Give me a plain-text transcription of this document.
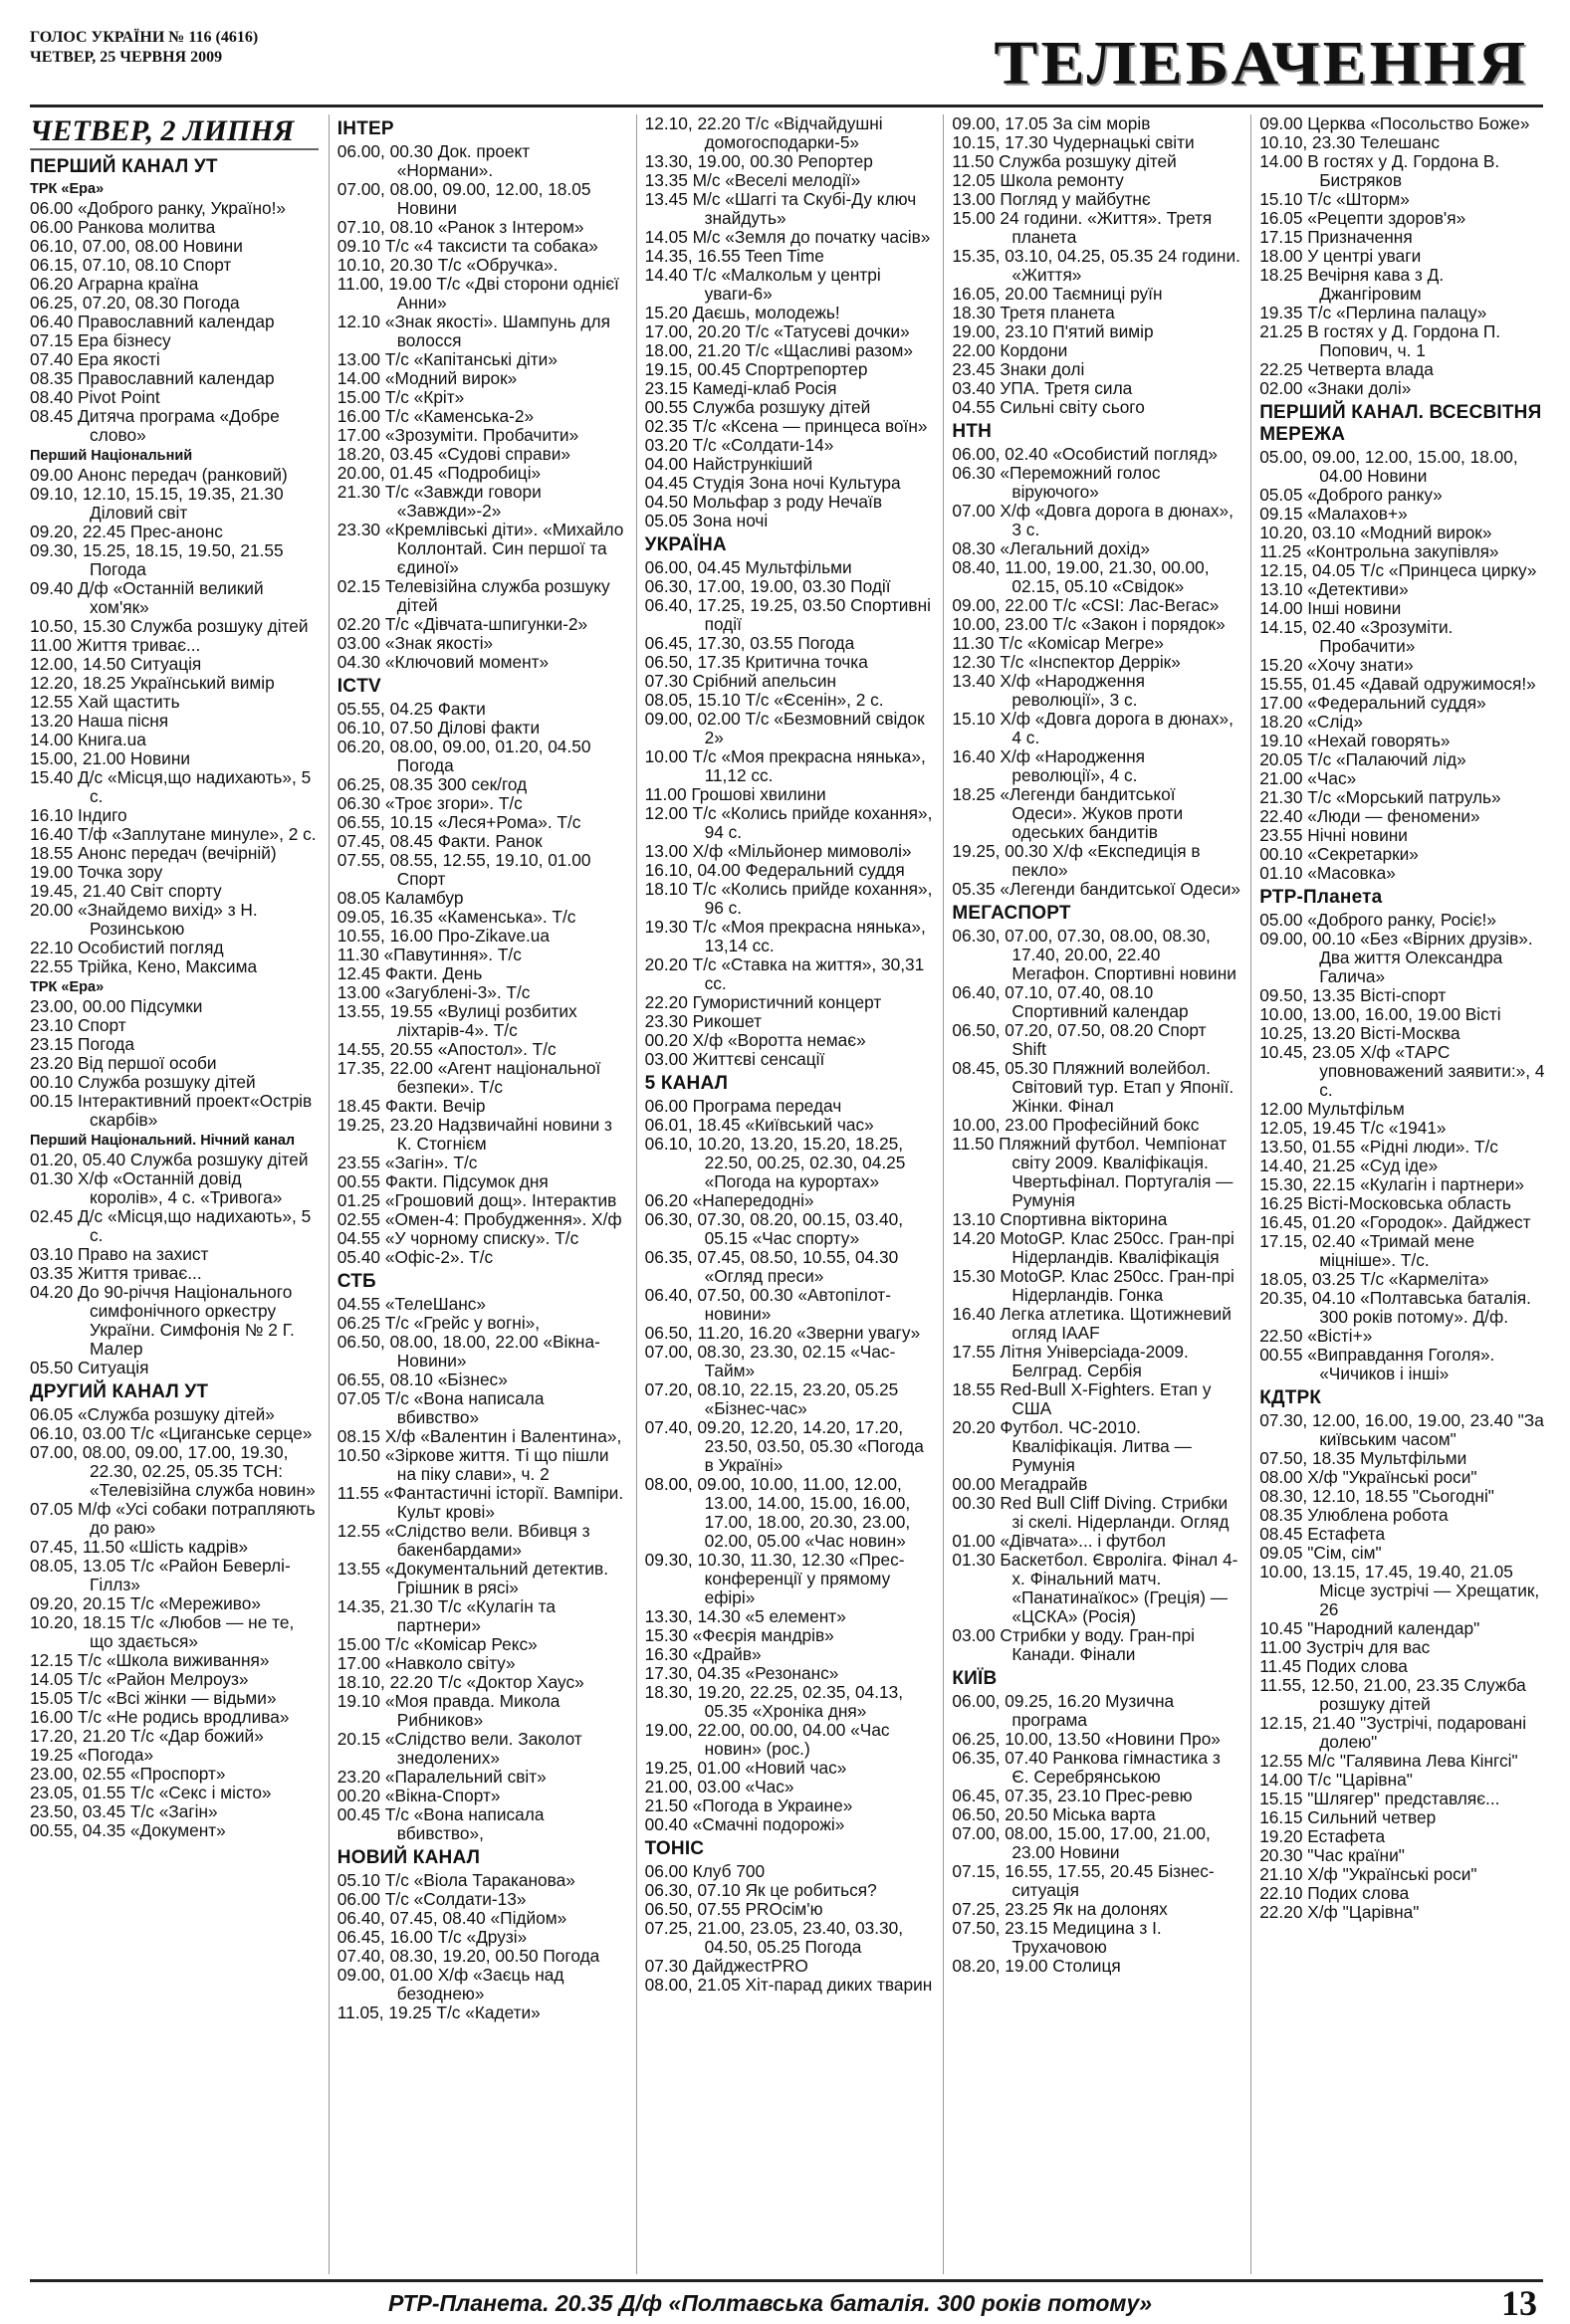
ГОЛОС УКРАЇНИ № 116 (4616)
ЧЕТВЕР, 25 ЧЕРВНЯ 2009	ТЕЛЕБАЧЕННЯ
ЧЕТВЕР, 2 ЛИПНЯ
ПЕРШИЙ КАНАЛ УТ
ТРК «Ера»
06.00 «Доброго ранку, Україно!»
06.00 Ранкова молитва
06.10, 07.00, 08.00 Новини
06.15, 07.10, 08.10 Спорт
06.20 Аграрна країна
06.25, 07.20, 08.30 Погода
06.40 Православний календар
07.15 Ера бізнесу
07.40 Ера якості
08.35 Православний календар
08.40 Pivot Point
08.45 Дитяча програма «Добре слово»
Перший Національний
09.00 Анонс передач (ранковий)
09.10, 12.10, 15.15, 19.35, 21.30 Діловий світ
09.20, 22.45 Прес-анонс
09.30, 15.25, 18.15, 19.50, 21.55 Погода
09.40 Д/ф «Останній великий хом'як»
10.50, 15.30 Служба розшуку дітей
11.00 Життя триває...
12.00, 14.50 Ситуація
12.20, 18.25 Український вимір
12.55 Хай щастить
13.20 Наша пісня
14.00 Книга.ua
15.00, 21.00 Новини
15.40 Д/с «Місця,що надихають», 5 с.
16.10 Індиго
16.40 Т/ф «Заплутане минуле», 2 с.
18.55 Анонс передач (вечірній)
19.00 Точка зору
19.45, 21.40 Світ спорту
20.00 «Знайдемо вихід» з Н. Розинською
22.10 Особистий погляд
22.55 Трійка, Кено, Максима
ТРК «Ера»
23.00, 00.00 Підсумки
23.10 Спорт
23.15 Погода
23.20 Від першої особи
00.10 Служба розшуку дітей
00.15 Інтерактивний проект«Острів скарбів»
Перший Національний. Нічний канал
01.20, 05.40 Служба розшуку дітей
01.30 Х/ф «Останній довід королів», 4 с. «Тривога»
02.45 Д/с «Місця,що надихають», 5 с.
03.10 Право на захист
03.35 Життя триває...
04.20 До 90-річчя Національного симфонічного оркестру України. Симфонія № 2 Г. Малер
05.50 Ситуація
ДРУГИЙ КАНАЛ УТ
06.05 «Служба розшуку дітей»
06.10, 03.00 Т/с «Циганське серце»
07.00, 08.00, 09.00, 17.00, 19.30, 22.30, 02.25, 05.35 ТСН: «Телевізійна служба новин»
07.05 М/ф «Усі собаки потрапляють до раю»
07.45, 11.50 «Шість кадрів»
08.05, 13.05 Т/с «Район Беверлі-Гіллз»
09.20, 20.15 Т/с «Мереживо»
10.20, 18.15 Т/с «Любов — не те, що здається»
12.15 Т/с «Школа виживання»
14.05 Т/с «Район Мелроуз»
15.05 Т/с «Всі жінки — відьми»
16.00 Т/с «Не родись вродлива»
17.20, 21.20 Т/с «Дар божий»
19.25 «Погода»
23.00, 02.55 «Проспорт»
23.05, 01.55 Т/с «Секс і місто»
23.50, 03.45 Т/с «Загін»
00.55, 04.35 «Документ»
ІНТЕР
06.00, 00.30 Док. проект «Нормани».
07.00, 08.00, 09.00, 12.00, 18.05 Новини
07.10, 08.10 «Ранок з Інтером»
09.10 Т/с «4 таксисти та собака»
10.10, 20.30 Т/с «Обручка».
11.00, 19.00 Т/с «Дві сторони однієї Анни»
12.10 «Знак якості». Шампунь для волосся
13.00 Т/с «Капітанські діти»
14.00 «Модний вирок»
15.00 Т/с «Кріт»
16.00 Т/с «Каменська-2»
17.00 «Зрозуміти. Пробачити»
18.20, 03.45 «Судові справи»
20.00, 01.45 «Подробиці»
21.30 Т/с «Завжди говори «Завжди»-2»
23.30 «Кремлівські діти». «Михайло Коллонтай. Син першої та єдиної»
02.15 Телевізійна служба розшуку дітей
02.20 Т/с «Дівчата-шпигунки-2»
03.00 «Знак якості»
04.30 «Ключовий момент»
ICTV
05.55, 04.25 Факти
06.10, 07.50 Ділові факти
06.20, 08.00, 09.00, 01.20, 04.50 Погода
06.25, 08.35 300 сек/год
06.30 «Троє згори». Т/с
06.55, 10.15 «Леся+Рома». Т/с
07.45, 08.45 Факти. Ранок
07.55, 08.55, 12.55, 19.10, 01.00 Спорт
08.05 Каламбур
09.05, 16.35 «Каменська». Т/с
10.55, 16.00 Про-Zikave.ua
11.30 «Павутиння». Т/с
12.45 Факти. День
13.00 «Загублені-3». Т/с
13.55, 19.55 «Вулиці розбитих ліхтарів-4». Т/с
14.55, 20.55 «Апостол». Т/с
17.35, 22.00 «Агент національної безпеки». Т/с
18.45 Факти. Вечір
19.25, 23.20 Надзвичайні новини з К. Стогнієм
23.55 «Загін». Т/с
00.55 Факти. Підсумок дня
01.25 «Грошовий дощ». Інтерактив
02.55 «Омен-4: Пробудження». Х/ф
04.55 «У чорному списку». Т/с
05.40 «Офіс-2». Т/с
СТБ
04.55 «ТелеШанс»
06.25 Т/с «Грейс у вогні»,
06.50, 08.00, 18.00, 22.00 «Вікна-Новини»
06.55, 08.10 «Бізнес»
07.05 Т/с «Вона написала вбивство»
08.15 Х/ф «Валентин і Валентина»,
10.50 «Зіркове життя. Ті що пішли на піку слави», ч. 2
11.55 «Фантастичні історії. Вампіри. Культ крові»
12.55 «Слідство вели. Вбивця з бакенбардами»
13.55 «Документальний детектив. Грішник в рясі»
14.35, 21.30 Т/с «Кулагін та партнери»
15.00 Т/с «Комісар Рекс»
17.00 «Навколо світу»
18.10, 22.20 Т/с «Доктор Хаус»
19.10 «Моя правда. Микола Рибников»
20.15 «Слідство вели. Заколот знедолених»
23.20 «Паралельний світ»
00.20 «Вікна-Спорт»
00.45 Т/с «Вона написала вбивство»,
НОВИЙ КАНАЛ
05.10 Т/с «Віола Тараканова»
06.00 Т/с «Солдати-13»
06.40, 07.45, 08.40 «Підйом»
06.45, 16.00 Т/с «Друзі»
07.40, 08.30, 19.20, 00.50 Погода
09.00, 01.00 Х/ф «Заєць над безоднею»
11.05, 19.25 Т/с «Кадети»
12.10, 22.20 Т/с «Відчайдушні домогосподарки-5»
13.30, 19.00, 00.30 Репортер
13.35 М/с «Веселі мелодії»
13.45 М/с «Шаггі та Скубі-Ду ключ знайдуть»
14.05 М/с «Земля до початку часів»
14.35, 16.55 Teen Time
14.40 Т/с «Малкольм у центрі уваги-6»
15.20 Даєшь, молодежь!
17.00, 20.20 Т/с «Татусеві дочки»
18.00, 21.20 Т/с «Щасливі разом»
19.15, 00.45 Спортрепортер
23.15 Камеді-клаб Росія
00.55 Служба розшуку дітей
02.35 Т/с «Ксена — принцеса воїн»
03.20 Т/с «Солдати-14»
04.00 Найстрункіший
04.45 Студія Зона ночі Культура
04.50 Мольфар з роду Нечаїв
05.05 Зона ночі
УКРАЇНА
06.00, 04.45 Мультфільми
06.30, 17.00, 19.00, 03.30 Події
06.40, 17.25, 19.25, 03.50 Спортивні події
06.45, 17.30, 03.55 Погода
06.50, 17.35 Критична точка
07.30 Срібний апельсин
08.05, 15.10 Т/с «Єсенін», 2 с.
09.00, 02.00 Т/с «Безмовний свідок 2»
10.00 Т/с «Моя прекрасна нянька», 11,12 сс.
11.00 Грошові хвилини
12.00 Т/с «Колись прийде кохання», 94 с.
13.00 Х/ф «Мільйонер мимоволі»
16.10, 04.00 Федеральний суддя
18.10 Т/с «Колись прийде кохання», 96 с.
19.30 Т/с «Моя прекрасна нянька», 13,14 сс.
20.20 Т/с «Ставка на життя», 30,31 сс.
22.20 Гумористичний концерт
23.30 Рикошет
00.20 Х/ф «Воротта немає»
03.00 Життєві сенсації
5 КАНАЛ
06.00 Програма передач
06.01, 18.45 «Київський час»
06.10, 10.20, 13.20, 15.20, 18.25, 22.50, 00.25, 02.30, 04.25 «Погода на курортах»
06.20 «Напередодні»
06.30, 07.30, 08.20, 00.15, 03.40, 05.15 «Час спорту»
06.35, 07.45, 08.50, 10.55, 04.30 «Огляд преси»
06.40, 07.50, 00.30 «Автопілот-новини»
06.50, 11.20, 16.20 «Зверни увагу»
07.00, 08.30, 23.30, 02.15 «Час-Тайм»
07.20, 08.10, 22.15, 23.20, 05.25 «Бізнес-час»
07.40, 09.20, 12.20, 14.20, 17.20, 23.50, 03.50, 05.30 «Погода в Україні»
08.00, 09.00, 10.00, 11.00, 12.00, 13.00, 14.00, 15.00, 16.00, 17.00, 18.00, 20.30, 23.00, 02.00, 05.00 «Час новин»
09.30, 10.30, 11.30, 12.30 «Прес-конференції у прямому ефірі»
13.30, 14.30 «5 елемент»
15.30 «Феєрія мандрів»
16.30 «Драйв»
17.30, 04.35 «Резонанс»
18.30, 19.20, 22.25, 02.35, 04.13, 05.35 «Хроніка дня»
19.00, 22.00, 00.00, 04.00 «Час новин» (рос.)
19.25, 01.00 «Новий час»
21.00, 03.00 «Час»
21.50 «Погода в Украине»
00.40 «Смачні подорожі»
ТОНІС
06.00 Клуб 700
06.30, 07.10 Як це робиться?
06.50, 07.55 PROсім'ю
07.25, 21.00, 23.05, 23.40, 03.30, 04.50, 05.25 Погода
07.30 ДайджестPRO
08.00, 21.05 Хіт-парад диких тварин
09.00, 17.05 За сім морів
10.15, 17.30 Чудернацькі світи
11.50 Служба розшуку дітей
12.05 Школа ремонту
13.00 Погляд у майбутнє
15.00 24 години. «Життя». Третя планета
15.35, 03.10, 04.25, 05.35 24 години. «Життя»
16.05, 20.00 Таємниці руїн
18.30 Третя планета
19.00, 23.10 П'ятий вимір
22.00 Кордони
23.45 Знаки долі
03.40 УПА. Третя сила
04.55 Сильні світу сього
НТН
06.00, 02.40 «Особистий погляд»
06.30 «Переможний голос віруючого»
07.00 Х/ф «Довга дорога в дюнах», 3 с.
08.30 «Легальний дохід»
08.40, 11.00, 19.00, 21.30, 00.00, 02.15, 05.10 «Свідок»
09.00, 22.00 Т/с «CSI: Лас-Вегас»
10.00, 23.00 Т/с «Закон і порядок»
11.30 Т/с «Комісар Мегре»
12.30 Т/с «Інспектор Деррік»
13.40 Х/ф «Народження революції», 3 с.
15.10 Х/ф «Довга дорога в дюнах», 4 с.
16.40 Х/ф «Народження революції», 4 с.
18.25 «Легенди бандитської Одеси». Жуков проти одеських бандитів
19.25, 00.30 Х/ф «Експедиція в пекло»
05.35 «Легенди бандитської Одеси»
МЕГАСПОРТ
06.30, 07.00, 07.30, 08.00, 08.30, 17.40, 20.00, 22.40 Мегафон. Спортивні новини
06.40, 07.10, 07.40, 08.10 Спортивний календар
06.50, 07.20, 07.50, 08.20 Спорт Shift
08.45, 05.30 Пляжний волейбол. Світовий тур. Етап у Японії. Жінки. Фінал
10.00, 23.00 Професійний бокс
11.50 Пляжний футбол. Чемпіонат світу 2009. Кваліфікація. Чвертьфінал. Португалія — Румунія
13.10 Спортивна вікторина
14.20 MotoGP. Клас 250cc. Гран-прі Нідерландів. Кваліфікація
15.30 MotoGP. Клас 250cc. Гран-прі Нідерландів. Гонка
16.40 Легка атлетика. Щотижневий огляд IAAF
17.55 Літня Універсіада-2009. Белград. Сербія
18.55 Red-Bull X-Fighters. Етап у США
20.20 Футбол. ЧС-2010. Кваліфікація. Литва — Румунія
00.00 Мегадрайв
00.30 Red Bull Cliff Diving. Стрибки зі скелі. Нідерланди. Огляд
01.00 «Дівчата»... і футбол
01.30 Баскетбол. Євроліга. Фінал 4-х. Фінальний матч. «Панатинаїкос» (Греція) — «ЦСКА» (Росія)
03.00 Стрибки у воду. Гран-прі Канади. Фінали
КИЇВ
06.00, 09.25, 16.20 Музична програма
06.25, 10.00, 13.50 «Новини Про»
06.35, 07.40 Ранкова гімнастика з Є. Серебрянською
06.45, 07.35, 23.10 Прес-ревю
06.50, 20.50 Міська варта
07.00, 08.00, 15.00, 17.00, 21.00, 23.00 Новини
07.15, 16.55, 17.55, 20.45 Бізнес-ситуація
07.25, 23.25 Як на долонях
07.50, 23.15 Медицина з І. Трухачовою
08.20, 19.00 Столиця
09.00 Церква «Посольство Боже»
10.10, 23.30 Телешанс
14.00 В гостях у Д. Гордона В. Бистряков
15.10 Т/с «Шторм»
16.05 «Рецепти здоров'я»
17.15 Призначення
18.00 У центрі уваги
18.25 Вечірня кава з Д. Джангіровим
19.35 Т/с «Перлина палацу»
21.25 В гостях у Д. Гордона П. Попович, ч. 1
22.25 Четверта влада
02.00 «Знаки долі»
ПЕРШИЙ КАНАЛ. ВСЕСВІТНЯ МЕРЕЖА
05.00, 09.00, 12.00, 15.00, 18.00, 04.00 Новини
05.05 «Доброго ранку»
09.15 «Малахов+»
10.20, 03.10 «Модний вирок»
11.25 «Контрольна закупівля»
12.15, 04.05 Т/с «Принцеса цирку»
13.10 «Детективи»
14.00 Інші новини
14.15, 02.40 «Зрозуміти. Пробачити»
15.20 «Хочу знати»
15.55, 01.45 «Давай одружимося!»
17.00 «Федеральний суддя»
18.20 «Слід»
19.10 «Нехай говорять»
20.05 Т/с «Палаючий лід»
21.00 «Час»
21.30 Т/с «Морський патруль»
22.40 «Люди — феномени»
23.55 Нічні новини
00.10 «Секретарки»
01.10 «Масовка»
РТР-Планета
05.00 «Доброго ранку, Росіє!»
09.00, 00.10 «Без «Вірних друзів». Два життя Олександра Галича»
09.50, 13.35 Вісті-спорт
10.00, 13.00, 16.00, 19.00 Вісті
10.25, 13.20 Вісті-Москва
10.45, 23.05 Х/ф «ТАРС уповноважений заявити:», 4 с.
12.00 Мультфільм
12.05, 19.45 Т/с «1941»
13.50, 01.55 «Рідні люди». Т/с
14.40, 21.25 «Суд іде»
15.30, 22.15 «Кулагін і партнери»
16.25 Вісті-Московська область
16.45, 01.20 «Городок». Дайджест
17.15, 02.40 «Тримай мене міцніше». Т/с.
18.05, 03.25 Т/с «Кармеліта»
20.35, 04.10 «Полтавська баталія. 300 років потому». Д/ф.
22.50 «Вісті+»
00.55 «Виправдання Гоголя». «Чичиков і інші»
КДТРК
07.30, 12.00, 16.00, 19.00, 23.40 "За київським часом"
07.50, 18.35 Мультфільми
08.00 Х/ф "Українські роси"
08.30, 12.10, 18.55 "Сьогодні"
08.35 Улюблена робота
08.45 Естафета
09.05 "Сім, сім"
10.00, 13.15, 17.45, 19.40, 21.05 Місце зустрічі — Хрещатик, 26
10.45 "Народний календар"
11.00 Зустріч для вас
11.45 Подих слова
11.55, 12.50, 21.00, 23.35 Служба розшуку дітей
12.15, 21.40 "Зустрічі, подаровані долею"
12.55 М/с "Галявина Лева Кінгсі"
14.00 Т/с "Царівна"
15.15 "Шлягер" представляє...
16.15 Сильний четвер
19.20 Естафета
20.30 "Час країни"
21.10 Х/ф "Українські роси"
22.10 Подих слова
22.20 Х/ф "Царівна"
РТР-Планета. 20.35 Д/ф «Полтавська баталія. 300 років потому»	13
